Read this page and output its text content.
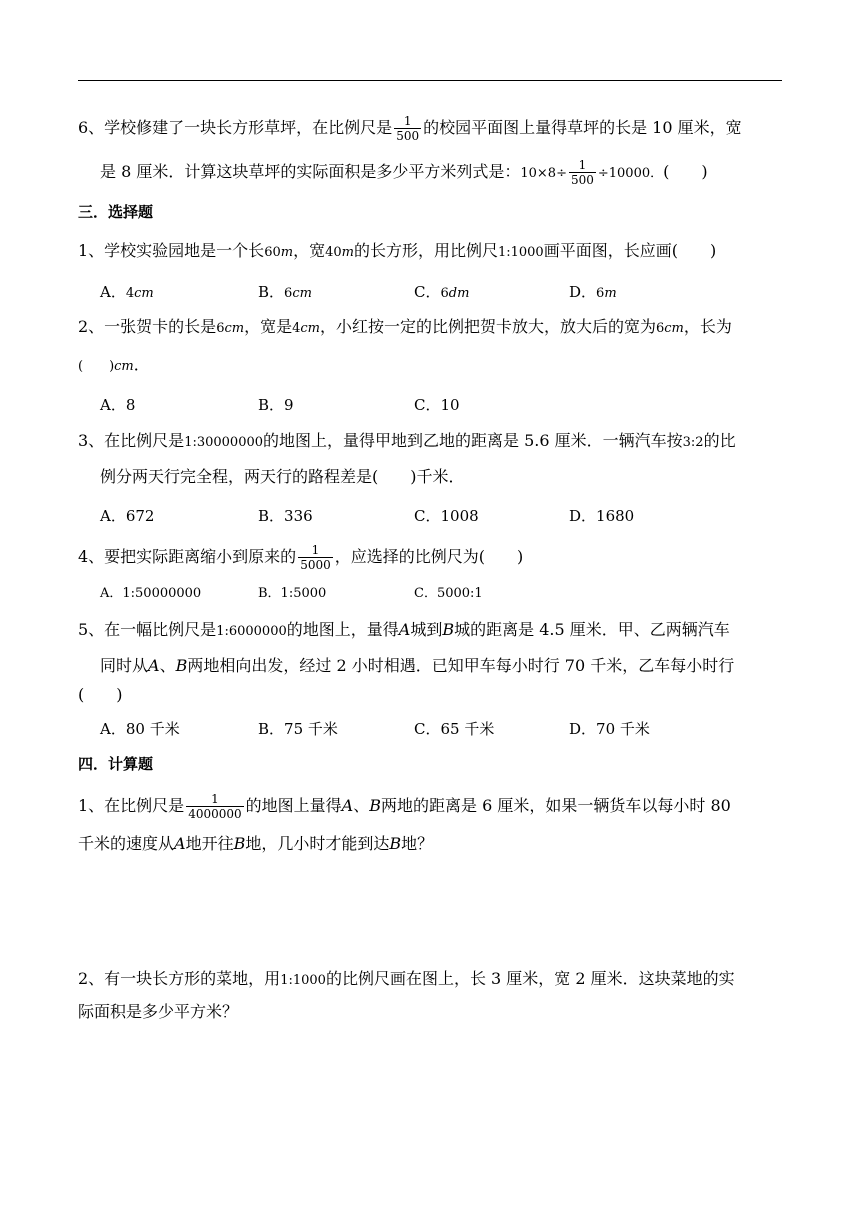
6、学校修建了一块长方形草坪，在比例尺是 $\frac{1}{500}$ 的校园平面图上量得草坪的长是 10 厘米，宽
是 8 厘米．计算这块草坪的实际面积是多少平方米列式是：$10\times 8\div \frac{1}{500} \div 10000$．(　　)
三．选择题
1、学校实验园地是一个长60m，宽40m的长方形，用比例尺1:1000画平面图，长应画(　　)
A．4cm	B．6cm	C．6dm	D．6m
2、一张贺卡的长是6cm，宽是4cm，小红按一定的比例把贺卡放大，放大后的宽为6cm，长为
(　　)cm．
A．8	B．9	C．10
3、在比例尺是1:30000000的地图上，量得甲地到乙地的距离是 5.6 厘米．一辆汽车按3:2的比
例分两天行完全程，两天行的路程差是(　　)千米．
A．672	B．336	C．1008	D．1680
4、要把实际距离缩小到原来的 $\frac{1}{5000}$ ，应选择的比例尺为(　　)
A．1:50000000	B．1:5000	C．5000:1
5、在一幅比例尺是1:6000000的地图上，量得A城到B城的距离是 4.5 厘米．甲、乙两辆汽车
同时从A、B两地相向出发，经过 2 小时相遇．已知甲车每小时行 70 千米，乙车每小时行
(　　)
A．80 千米	B．75 千米	C．65 千米	D．70 千米
四．计算题
1、在比例尺是 $\frac{1}{4000000}$ 的地图上量得A、B两地的距离是 6 厘米，如果一辆货车以每小时 80
千米的速度从A地开往B地，几小时才能到达B地？
2、有一块长方形的菜地，用1:1000的比例尺画在图上，长 3 厘米，宽 2 厘米．这块菜地的实
际面积是多少平方米？
